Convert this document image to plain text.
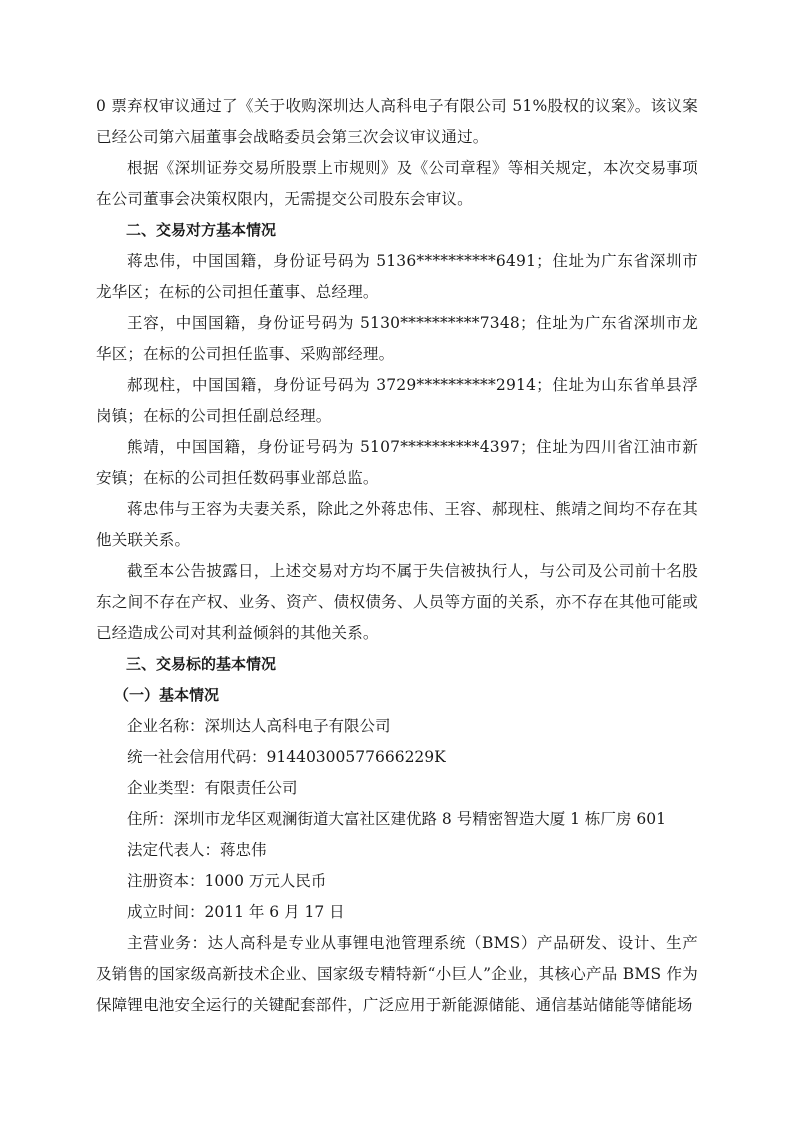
0 票弃权审议通过了《关于收购深圳达人高科电子有限公司 51%股权的议案》。该议案已经公司第六届董事会战略委员会第三次会议审议通过。

根据《深圳证券交易所股票上市规则》及《公司章程》等相关规定，本次交易事项在公司董事会决策权限内，无需提交公司股东会审议。

二、交易对方基本情况

蒋忠伟，中国国籍，身份证号码为 5136**********6491；住址为广东省深圳市龙华区；在标的公司担任董事、总经理。

王容，中国国籍，身份证号码为 5130**********7348；住址为广东省深圳市龙华区；在标的公司担任监事、采购部经理。

郝现柱，中国国籍，身份证号码为 3729**********2914；住址为山东省单县浮岗镇；在标的公司担任副总经理。

熊靖，中国国籍，身份证号码为 5107**********4397；住址为四川省江油市新安镇；在标的公司担任数码事业部总监。

蒋忠伟与王容为夫妻关系，除此之外蒋忠伟、王容、郝现柱、熊靖之间均不存在其他关联关系。

截至本公告披露日，上述交易对方均不属于失信被执行人，与公司及公司前十名股东之间不存在产权、业务、资产、债权债务、人员等方面的关系，亦不存在其他可能或已经造成公司对其利益倾斜的其他关系。

三、交易标的基本情况

（一）基本情况

企业名称：深圳达人高科电子有限公司

统一社会信用代码：91440300577666229K

企业类型：有限责任公司

住所：深圳市龙华区观澜街道大富社区建优路 8 号精密智造大厦 1 栋厂房 601

法定代表人：蒋忠伟

注册资本：1000 万元人民币

成立时间：2011 年 6 月 17 日

主营业务：达人高科是专业从事锂电池管理系统（BMS）产品研发、设计、生产及销售的国家级高新技术企业、国家级专精特新“小巨人”企业，其核心产品 BMS 作为保障锂电池安全运行的关键配套部件，广泛应用于新能源储能、通信基站储能等储能场
